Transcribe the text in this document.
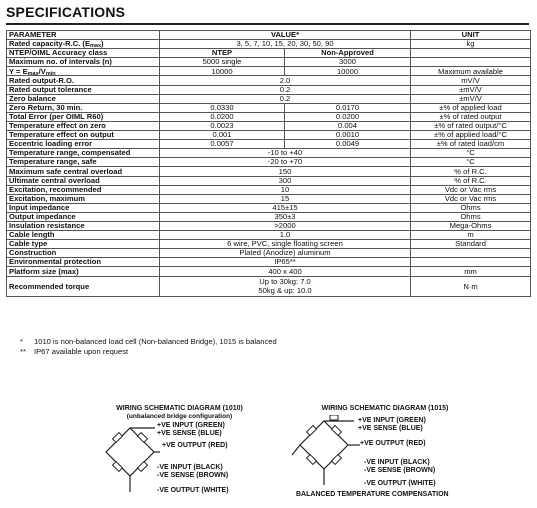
SPECIFICATIONS
PARAMETER	VALUE*		UNIT
Rated capacity-R.C. $(E_{max})$	3, 5, 7, 10, 15, 20, 30, 50, 90		kg
NTEP/OIML Accuracy class	NTEP	Non-Approved	
Maximum no. of intervals (n)	5000 single	3000	
$Y = E_{max}/V_{min}$	10000	10000	Maximum available
Rated output-R.O.	2.0		mV/V
Rated output tolerance	0.2		±mV/V
Zero balance	0.2		±mV/V
Zero Return, 30 min.	0.0330	0.0170	±% of applied load
Total Error (per OIML R60)	0.0200	0.0200	±% of rated output
Temperature effect on zero	0.0023	0.004	±% of rated output/°C
Temperature effect on output	0.001	0.0010	±% of applied load/°C
Eccentric loading error	0.0057	0.0049	±% of rated load/cm
Temperature range, compensated	-10 to +40		°C
Temperature range, safe	-20 to +70		°C
Maximum safe central overload	150		% of R.C.
Ultimate central overload	300		% of R.C.
Excitation, recommended	10		Vdc or Vac rms
Excitation, maximum	15		Vdc or Vac rms
Input impedance	415±15		Ohms
Output impedance	350±3		Ohms
Insulation resistance	>2000		Mega-Ohms
Cable length	1.0		m
Cable type	6 wire, PVC, single floating screen		Standard
Construction	Plated (Anodize) aluminum		

Environmental protection	IP65**		

Platform size (max)	400 x 400		mm
Recommended torque	Up to 30kg: 7.0
50kg & up: 10.0		N·m
* 1010 is non-balanced load cell (Non-balanced Bridge), 1015 is balanced
** IP67 available upon request
WIRING SCHEMATIC DIAGRAM (1010)
(unbalanced bridge configuration)
+VE INPUT (GREEN)
+VE SENSE (BLUE)
+VE OUTPUT (RED)
-VE INPUT (BLACK)
-VE SENSE (BROWN)
-VE OUTPUT (WHITE)
WIRING SCHEMATIC DIAGRAM (1015)
+VE INPUT (GREEN)
+VE SENSE (BLUE)
+VE OUTPUT (RED)
-VE INPUT (BLACK)
-VE SENSE (BROWN)
-VE OUTPUT (WHITE)
BALANCED TEMPERATURE COMPENSATION
